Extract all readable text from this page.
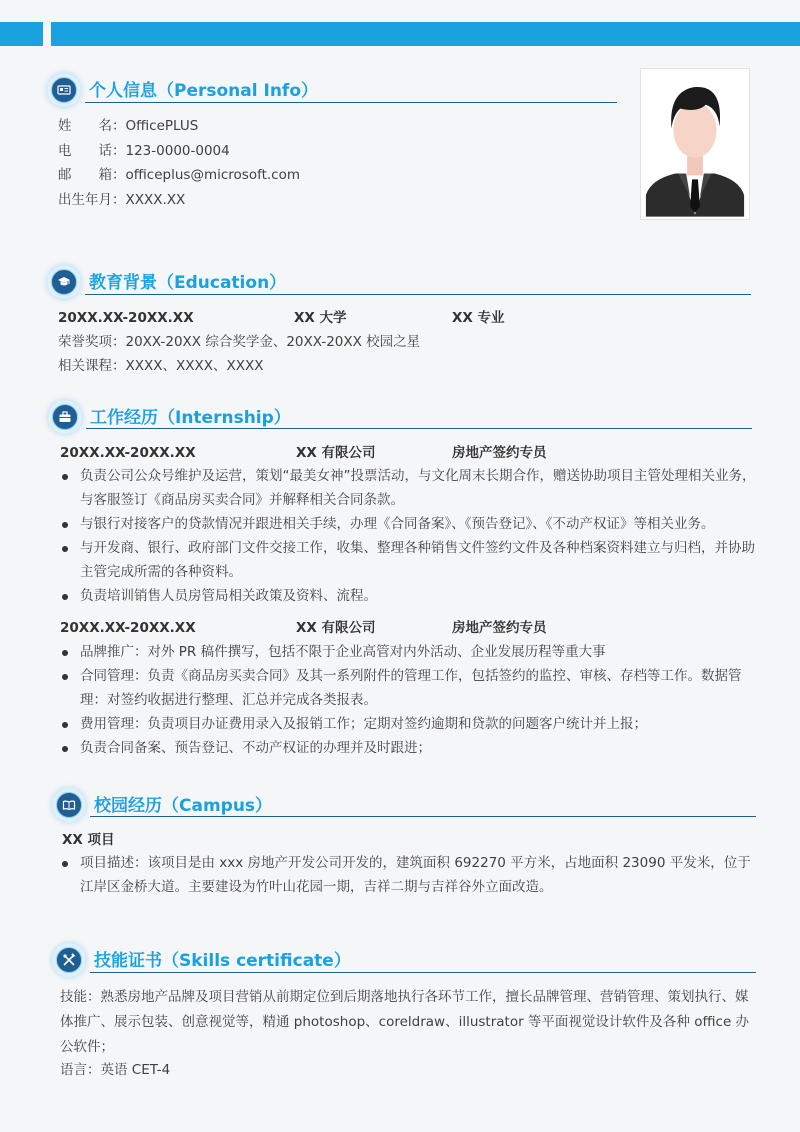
个人信息（Personal Info）
姓　　名：OfficePLUS
电　　话：123-0000-0004
邮　　箱：officeplus@microsoft.com
出生年月：XXXX.XX
教育背景（Education）
20XX.XX-20XX.XX	XX 大学	XX 专业
荣誉奖项：20XX-20XX 综合奖学金、20XX-20XX 校园之星
相关课程：XXXX、XXXX、XXXX
工作经历（Internship）
20XX.XX-20XX.XX	XX 有限公司	房地产签约专员
负责公司公众号维护及运营，策划“最美女神”投票活动，与文化周末长期合作，赠送协助项目主管处理相关业务，与客服签订《商品房买卖合同》并解释相关合同条款。
与银行对接客户的贷款情况并跟进相关手续，办理《合同备案》、《预告登记》、《不动产权证》等相关业务。
与开发商、银行、政府部门文件交接工作，收集、整理各种销售文件签约文件及各种档案资料建立与归档，并协助主管完成所需的各种资料。
负责培训销售人员房管局相关政策及资料、流程。
20XX.XX-20XX.XX	XX 有限公司	房地产签约专员
品牌推广：对外 PR 稿件撰写，包括不限于企业高管对内外活动、企业发展历程等重大事
合同管理：负责《商品房买卖合同》及其一系列附件的管理工作，包括签约的监控、审核、存档等工作。数据管理：对签约收据进行整理、汇总并完成各类报表。
费用管理：负责项目办证费用录入及报销工作；定期对签约逾期和贷款的问题客户统计并上报；
负责合同备案、预告登记、不动产权证的办理并及时跟进；
校园经历（Campus）
XX 项目
项目描述：该项目是由 xxx 房地产开发公司开发的，建筑面积 692270 平方米，占地面积 23090 平发米，位于江岸区金桥大道。主要建设为竹叶山花园一期，吉祥二期与吉祥谷外立面改造。
技能证书（Skills certificate）
技能：熟悉房地产品牌及项目营销从前期定位到后期落地执行各环节工作，擅长品牌管理、营销管理、策划执行、媒体推广、展示包装、创意视觉等，精通 photoshop、coreldraw、illustrator 等平面视觉设计软件及各种 office 办公软件；
语言：英语 CET-4
